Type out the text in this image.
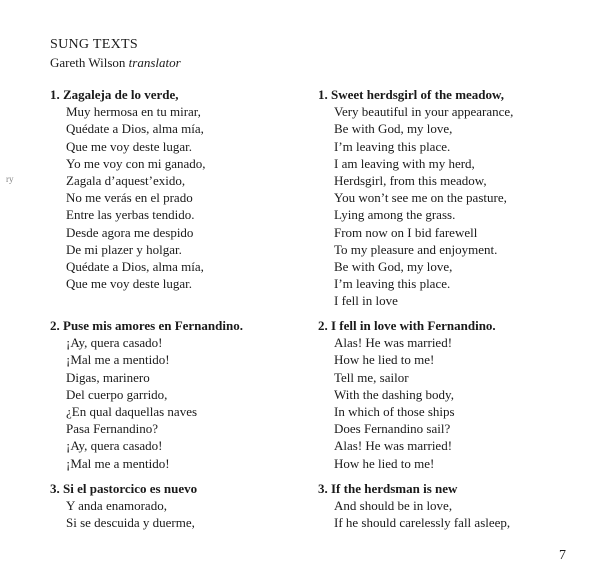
SUNG TEXTS
Gareth Wilson translator
1. Zagaleja de lo verde,
Muy hermosa en tu mirar,
Quédate a Dios, alma mía,
Que me voy deste lugar.
Yo me voy con mi ganado,
Zagala d’aquest’exido,
No me verás en el prado
Entre las yerbas tendido.
Desde agora me despido
De mi plazer y holgar.
Quédate a Dios, alma mía,
Que me voy deste lugar.
2. Puse mis amores en Fernandino.
¡Ay, quera casado!
¡Mal me a mentido!
Digas, marinero
Del cuerpo garrido,
¿En qual daquellas naves
Pasa Fernandino?
¡Ay, quera casado!
¡Mal me a mentido!
3. Si el pastorcico es nuevo
Y anda enamorado,
Si se descuida y duerme,
1. Sweet herdsgirl of the meadow,
Very beautiful in your appearance,
Be with God, my love,
I’m leaving this place.
I am leaving with my herd,
Herdsgirl, from this meadow,
You won’t see me on the pasture,
Lying among the grass.
From now on I bid farewell
To my pleasure and enjoyment.
Be with God, my love,
I’m leaving this place.
I fell in love
2. I fell in love with Fernandino.
Alas! He was married!
How he lied to me!
Tell me, sailor
With the dashing body,
In which of those ships
Does Fernandino sail?
Alas! He was married!
How he lied to me!
3. If the herdsman is new
And should be in love,
If he should carelessly fall asleep,
ry
7
